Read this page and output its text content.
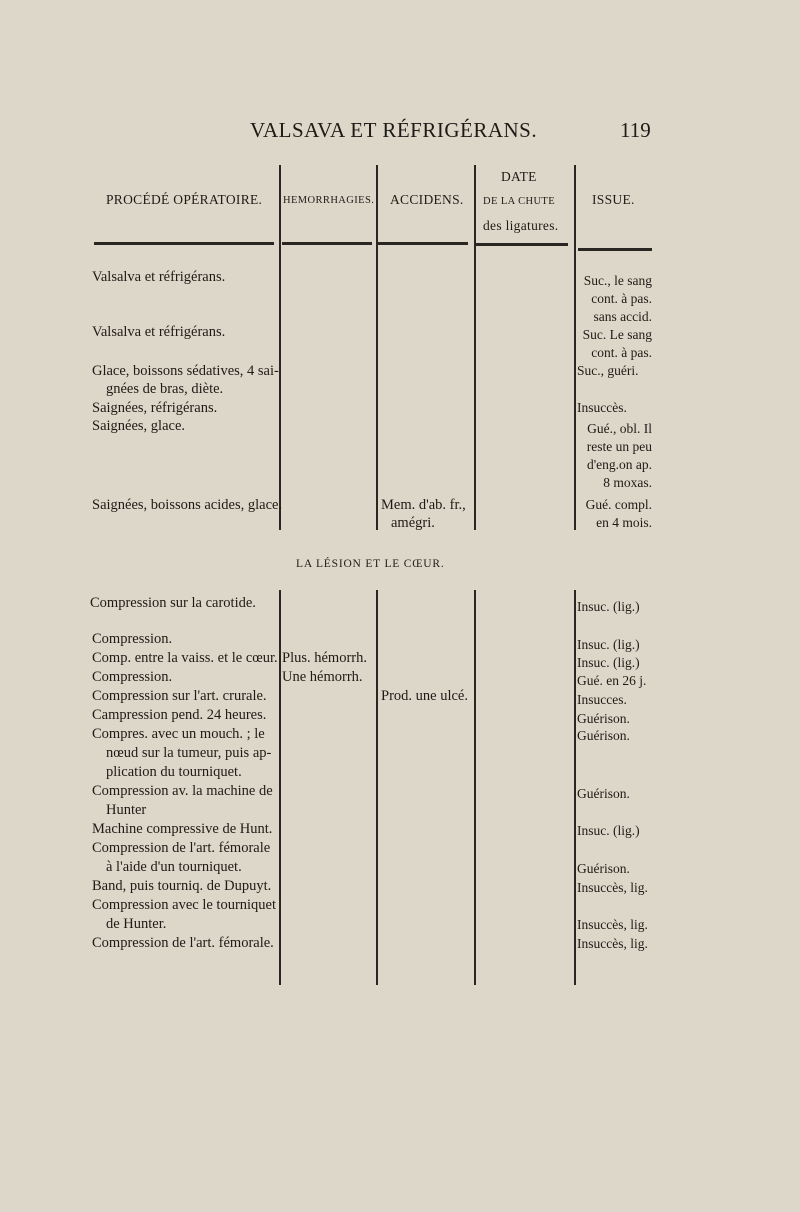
VALSAVA ET RÉFRIGÉRANS.	119
PROCÉDÉ OPÉRATOIRE. HEMORRHAGIES. ACCIDENS.
DATE
DE LA CHUTE
des ligatures.
ISSUE.
Valsalva et réfrigérans.
Valsalva et réfrigérans.
Glace, boissons sédatives, 4 sai-
gnées de bras, diète.
Saignées, réfrigérans.
Saignées, glace.
Saignées, boissons acides, glace.	Mem. d'ab. fr.,
amégri.
Suc., le sang
cont. à pas.
sans accid.
Suc. Le sang
cont. à pas.
Suc., guéri.
Insuccès.
Gué., obl. Il
reste un peu
d'eng.on ap.
8 moxas.
Gué. compl.
en 4 mois.
LA LÉSION ET LE CŒUR.
Compression sur la carotide.
Compression.
Comp. entre la vaiss. et le cœur.
Compression.
Compression sur l'art. crurale.
Campression pend. 24 heures.
Compres. avec un mouch. ; le
nœud sur la tumeur, puis ap-
plication du tourniquet.
Compression av. la machine de
Hunter
Machine compressive de Hunt.
Compression de l'art. fémorale
à l'aide d'un tourniquet.
Band, puis tourniq. de Dupuyt.
Compression avec le tourniquet
de Hunter.
Compression de l'art. fémorale.
Plus. hémorrh.
Une hémorrh.
Prod. une ulcé.
Insuc. (lig.)
Insuc. (lig.)
Insuc. (lig.)
Gué. en 26 j.
Insucces.
Guérison.
Guérison.
Guérison.
Insuc. (lig.)
Guérison.
Insuccès, lig.
Insuccès, lig.
Insuccès, lig.
